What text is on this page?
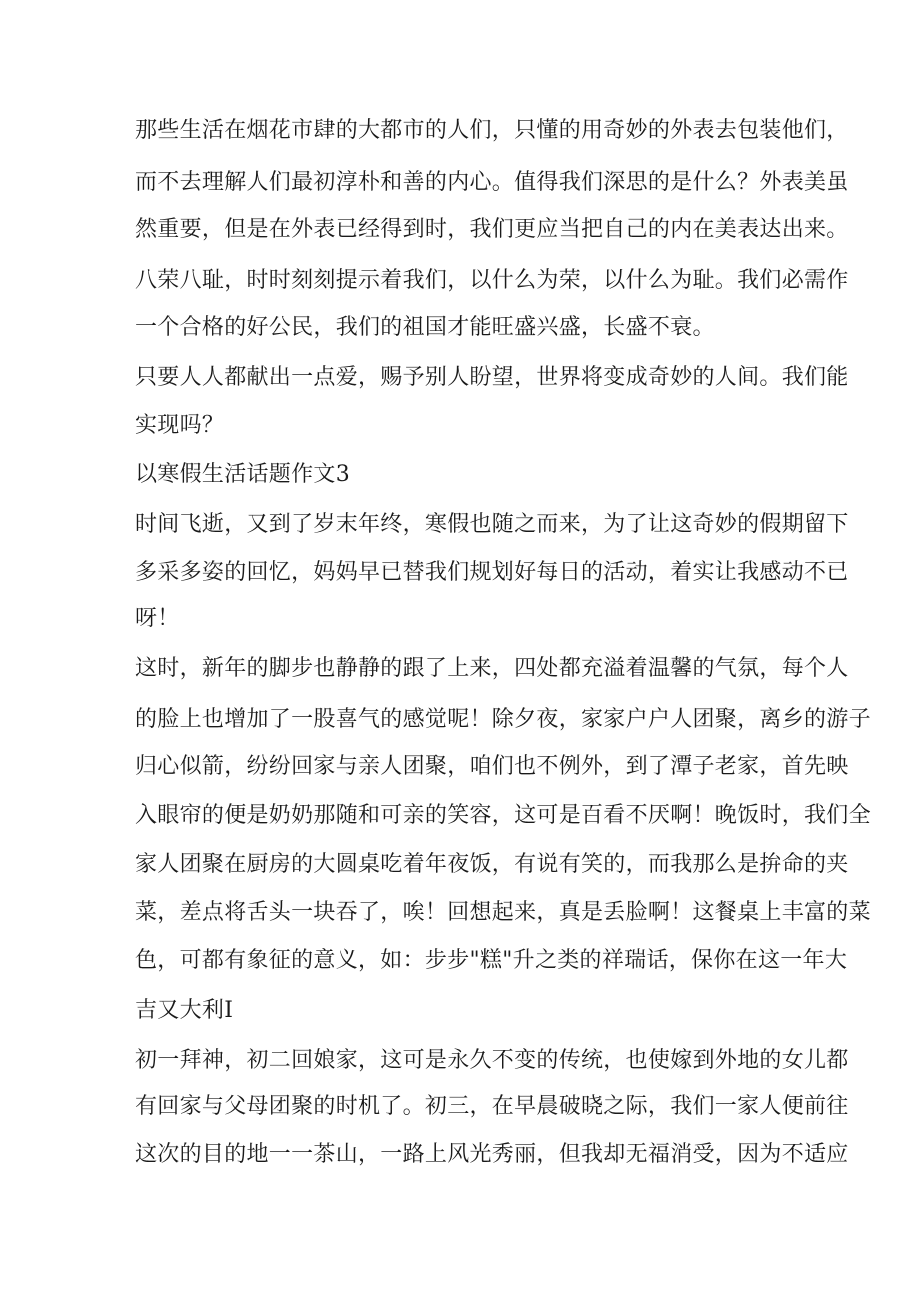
那些生活在烟花市肆的大都市的人们，只懂的用奇妙的外表去包装他们，
而不去理解人们最初淳朴和善的内心。值得我们深思的是什么？外表美虽
然重要，但是在外表已经得到时，我们更应当把自己的内在美表达出来。
八荣八耻，时时刻刻提示着我们，以什么为荣，以什么为耻。我们必需作
一个合格的好公民，我们的祖国才能旺盛兴盛，长盛不衰。
只要人人都献出一点爱，赐予别人盼望，世界将变成奇妙的人间。我们能
实现吗？
以寒假生活话题作文3
时间飞逝，又到了岁末年终，寒假也随之而来，为了让这奇妙的假期留下
多采多姿的回忆，妈妈早已替我们规划好每日的活动，着实让我感动不已
呀！
这时，新年的脚步也静静的跟了上来，四处都充溢着温馨的气氛，每个人
的脸上也增加了一股喜气的感觉呢！除夕夜，家家户户人团聚，离乡的游子
归心似箭，纷纷回家与亲人团聚，咱们也不例外，到了潭子老家，首先映
入眼帘的便是奶奶那随和可亲的笑容，这可是百看不厌啊！晚饭时，我们全
家人团聚在厨房的大圆桌吃着年夜饭，有说有笑的，而我那么是拚命的夹
菜，差点将舌头一块吞了，唉！回想起来，真是丢脸啊！这餐桌上丰富的菜
色，可都有象征的意义，如：步步"糕"升之类的祥瑞话，保你在这一年大
吉又大利I
初一拜神，初二回娘家，这可是永久不变的传统，也使嫁到外地的女儿都
有回家与父母团聚的时机了。初三，在早晨破晓之际，我们一家人便前往
这次的目的地一一茶山，一路上风光秀丽，但我却无福消受，因为不适应
